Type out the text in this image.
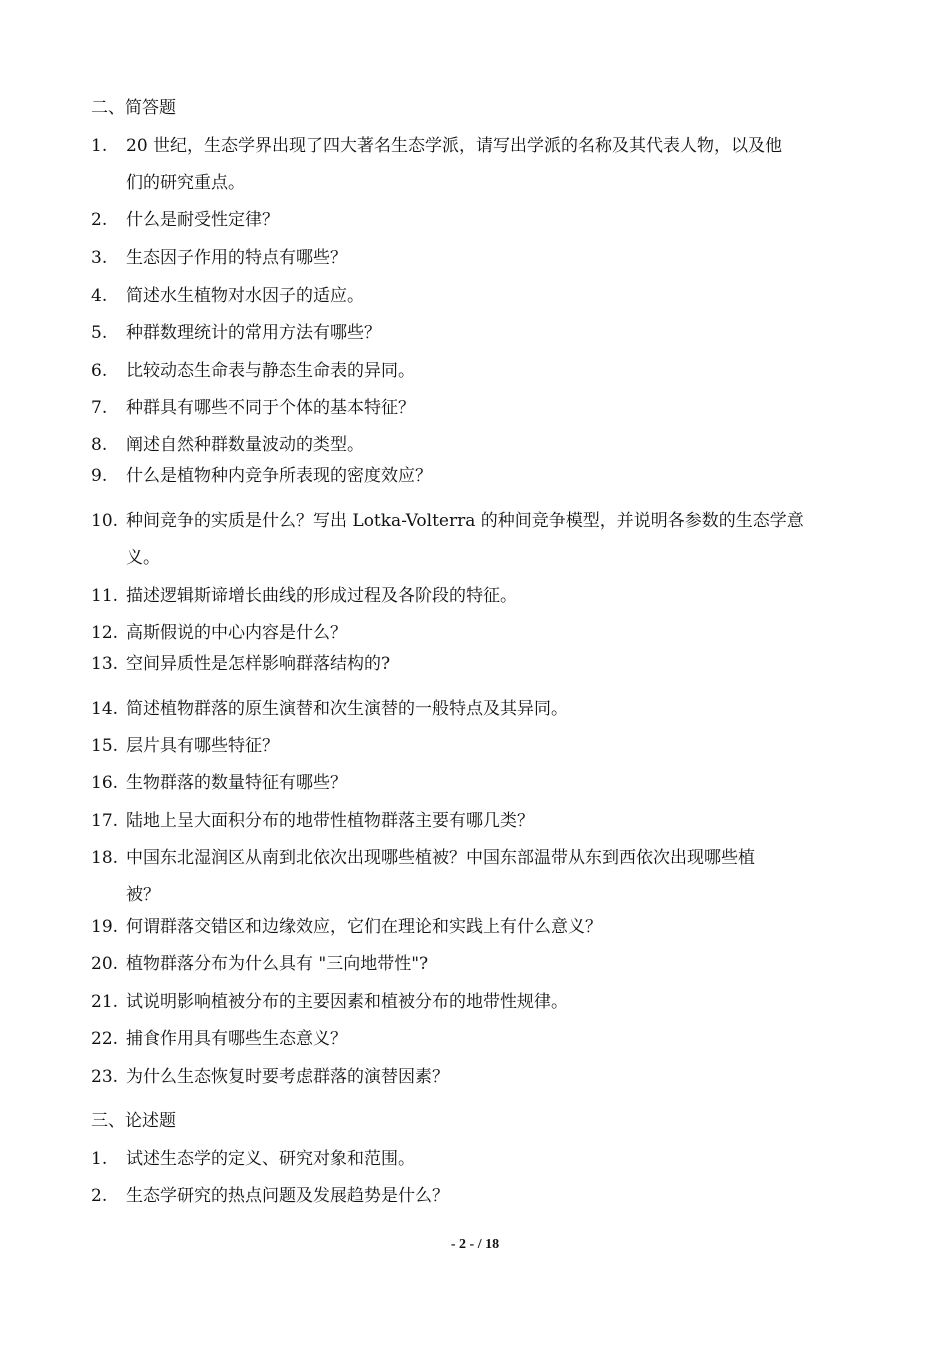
二、简答题
1. 20 世纪，生态学界出现了四大著名生态学派，请写出学派的名称及其代表人物，以及他
们的研究重点。
2. 什么是耐受性定律？
3. 生态因子作用的特点有哪些？
4. 简述水生植物对水因子的适应。
5. 种群数理统计的常用方法有哪些？
6. 比较动态生命表与静态生命表的异同。
7. 种群具有哪些不同于个体的基本特征？
8. 阐述自然种群数量波动的类型。
9. 什么是植物种内竞争所表现的密度效应？
10. 种间竞争的实质是什么？写出 Lotka-Volterra 的种间竞争模型，并说明各参数的生态学意
义。
11. 描述逻辑斯谛增长曲线的形成过程及各阶段的特征。
12. 高斯假说的中心内容是什么？
13. 空间异质性是怎样影响群落结构的?
14. 简述植物群落的原生演替和次生演替的一般特点及其异同。
15. 层片具有哪些特征？
16. 生物群落的数量特征有哪些？
17. 陆地上呈大面积分布的地带性植物群落主要有哪几类？
18. 中国东北湿润区从南到北依次出现哪些植被？中国东部温带从东到西依次出现哪些植
被？
19. 何谓群落交错区和边缘效应，它们在理论和实践上有什么意义？
20. 植物群落分布为什么具有 "三向地带性"?
21. 试说明影响植被分布的主要因素和植被分布的地带性规律。
22. 捕食作用具有哪些生态意义？
23. 为什么生态恢复时要考虑群落的演替因素？
三、论述题
1. 试述生态学的定义、研究对象和范围。
2. 生态学研究的热点问题及发展趋势是什么？
- 2 - / 18
